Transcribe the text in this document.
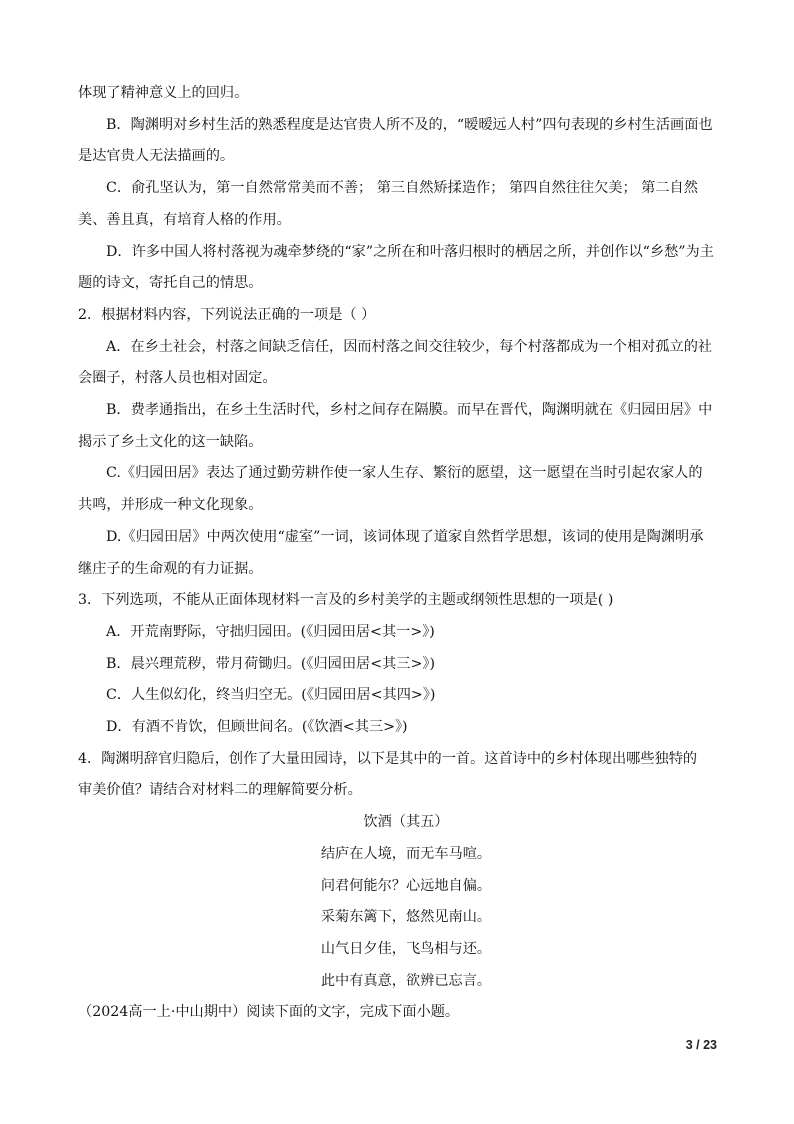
体现了精神意义上的回归。
B．陶渊明对乡村生活的熟悉程度是达官贵人所不及的，“暧暧远人村”四句表现的乡村生活画面也
是达官贵人无法描画的。
C．俞孔坚认为，第一自然常常美而不善； 第三自然矫揉造作； 第四自然往往欠美； 第二自然
美、善且真，有培育人格的作用。
D．许多中国人将村落视为魂牵梦绕的“家”之所在和叶落归根时的栖居之所，并创作以“乡愁”为主
题的诗文，寄托自己的情思。
2．根据材料内容，下列说法正确的一项是（ ）
A．在乡土社会，村落之间缺乏信任，因而村落之间交往较少，每个村落都成为一个相对孤立的社
会圈子，村落人员也相对固定。
B．费孝通指出，在乡土生活时代，乡村之间存在隔膜。而早在晋代，陶渊明就在《归园田居》中
揭示了乡土文化的这一缺陷。
C.《归园田居》表达了通过勤劳耕作使一家人生存、繁衍的愿望，这一愿望在当时引起农家人的
共鸣，并形成一种文化现象。
D.《归园田居》中两次使用“虚室”一词，该词体现了道家自然哲学思想，该词的使用是陶渊明承
继庄子的生命观的有力证据。
3．下列选项，不能从正面体现材料一言及的乡村美学的主题或纲领性思想的一项是( )
A．开荒南野际，守拙归园田。(《归园田居<其一>》)
B．晨兴理荒秽，带月荷锄归。(《归园田居<其三>》)
C．人生似幻化，终当归空无。(《归园田居<其四>》)
D．有酒不肯饮，但顾世间名。(《饮酒<其三>》)
4．陶渊明辞官归隐后，创作了大量田园诗，以下是其中的一首。这首诗中的乡村体现出哪些独特的
审美价值？请结合对材料二的理解简要分析。
饮酒（其五）
结庐在人境，而无车马喧。
问君何能尔？心远地自偏。
采菊东篱下，悠然见南山。
山气日夕佳，飞鸟相与还。
此中有真意，欲辨已忘言。
（2024高一上·中山期中）阅读下面的文字，完成下面小题。
3 / 23
